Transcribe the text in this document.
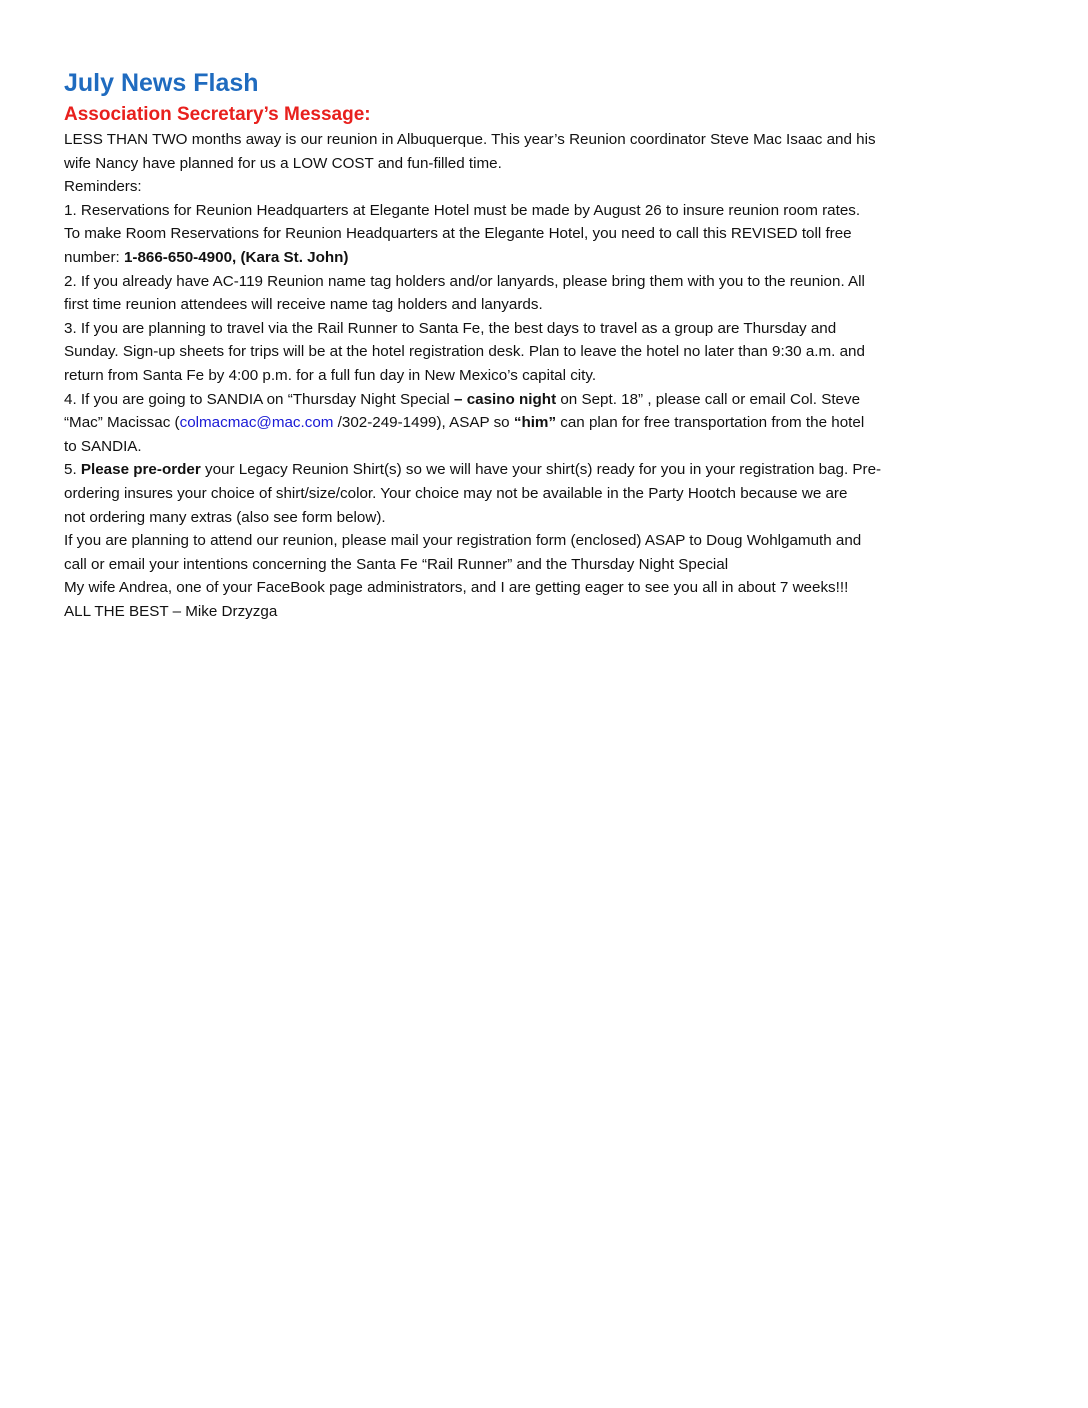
July News Flash
Association Secretary’s Message:
LESS THAN TWO months away is our reunion in Albuquerque. This year’s Reunion coordinator Steve Mac Isaac and his
wife Nancy have planned for us a LOW COST and fun-filled time.
Reminders:
1. Reservations for Reunion Headquarters at Elegante Hotel must be made by August 26 to insure reunion room rates.
To make Room Reservations for Reunion Headquarters at the Elegante Hotel, you need to call this REVISED toll free
number: 1-866-650-4900, (Kara St. John)
2. If you already have AC-119 Reunion name tag holders and/or lanyards, please bring them with you to the reunion. All
first time reunion attendees will receive name tag holders and lanyards.
3. If you are planning to travel via the Rail Runner to Santa Fe, the best days to travel as a group are Thursday and
Sunday. Sign-up sheets for trips will be at the hotel registration desk. Plan to leave the hotel no later than 9:30 a.m. and
return from Santa Fe by 4:00 p.m. for a full fun day in New Mexico’s capital city.
4. If you are going to SANDIA on “Thursday Night Special – casino night on Sept. 18” , please call or email Col. Steve
“Mac” Macissac (colmacmac@mac.com /302-249-1499), ASAP so “him” can plan for free transportation from the hotel
to SANDIA.
5. Please pre-order your Legacy Reunion Shirt(s) so we will have your shirt(s) ready for you in your registration bag. Pre-
ordering insures your choice of shirt/size/color. Your choice may not be available in the Party Hootch because we are
not ordering many extras (also see form below).
If you are planning to attend our reunion, please mail your registration form (enclosed) ASAP to Doug Wohlgamuth and
call or email your intentions concerning the Santa Fe “Rail Runner” and the Thursday Night Special
My wife Andrea, one of your FaceBook page administrators, and I are getting eager to see you all in about 7 weeks!!!
ALL THE BEST – Mike Drzyzga
